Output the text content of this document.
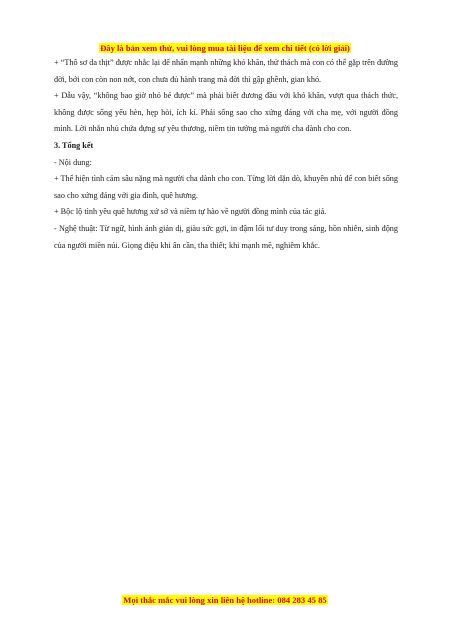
Đây là bản xem thử, vui lòng mua tài liệu để xem chi tiết (có lời giải)

+ “Thô sơ da thịt” được nhắc lại để nhấn mạnh những khó khăn, thử thách mà con có thể gặp trên đường đời, bởi con còn non nớt, con chưa đủ hành trang mà đời thì gập ghềnh, gian khó.

+ Dẫu vậy, “không bao giờ nhỏ bé được” mà phải biết đương đầu với khó khăn, vượt qua thách thức, không được sống yếu hèn, hẹp hòi, ích kỉ. Phải sống sao cho xứng đáng với cha mẹ, với người đồng mình. Lời nhắn nhủ chứa đựng sự yêu thương, niềm tin tưởng mà người cha dành cho con.

3. Tổng kết

- Nội dung:

+ Thể hiện tình cảm sâu nặng mà người cha dành cho con. Từng lời dặn dò, khuyên nhủ để con biết sống sao cho xứng đáng với gia đình, quê hương.

+ Bộc lộ tình yêu quê hương xứ sở và niềm tự hào về người đồng mình của tác giả.

- Nghệ thuật: Từ ngữ, hình ảnh giản dị, giàu sức gợi, in đậm lối tư duy trong sáng, hồn nhiên, sinh động của người miền núi. Giọng điệu khi ân cần, tha thiết; khi mạnh mẽ, nghiêm khắc.

Mọi thắc mắc vui lòng xin liên hệ hotline: 084 283 45 85
